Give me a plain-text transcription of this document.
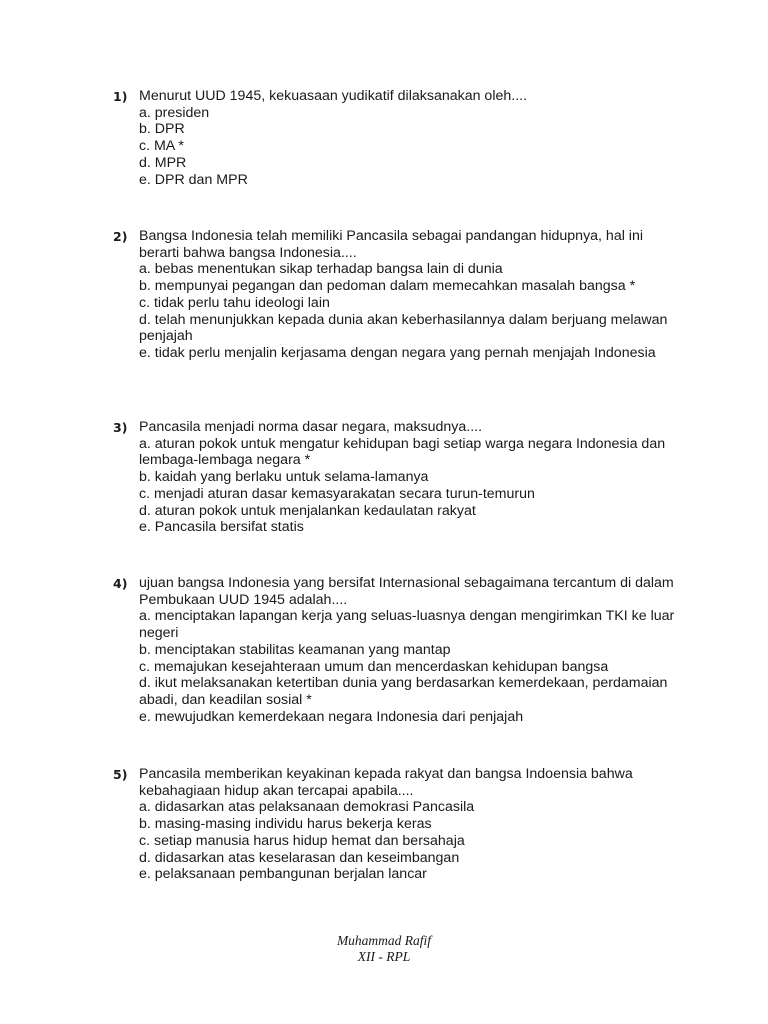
1) Menurut UUD 1945, kekuasaan yudikatif dilaksanakan oleh....
a. presiden
b. DPR
c. MA *
d. MPR
e. DPR dan MPR
2) Bangsa Indonesia telah memiliki Pancasila sebagai pandangan hidupnya, hal ini
berarti bahwa bangsa Indonesia....
a. bebas menentukan sikap terhadap bangsa lain di dunia
b. mempunyai pegangan dan pedoman dalam memecahkan masalah bangsa *
c. tidak perlu tahu ideologi lain
d. telah menunjukkan kepada dunia akan keberhasilannya dalam berjuang melawan
penjajah
e. tidak perlu menjalin kerjasama dengan negara yang pernah menjajah Indonesia
3) Pancasila menjadi norma dasar negara, maksudnya....
a. aturan pokok untuk mengatur kehidupan bagi setiap warga negara Indonesia dan
lembaga-lembaga negara *
b. kaidah yang berlaku untuk selama-lamanya
c. menjadi aturan dasar kemasyarakatan secara turun-temurun
d. aturan pokok untuk menjalankan kedaulatan rakyat
e. Pancasila bersifat statis
4) ujuan bangsa Indonesia yang bersifat Internasional sebagaimana tercantum di dalam
Pembukaan UUD 1945 adalah....
a. menciptakan lapangan kerja yang seluas-luasnya dengan mengirimkan TKI ke luar
negeri
b. menciptakan stabilitas keamanan yang mantap
c. memajukan kesejahteraan umum dan mencerdaskan kehidupan bangsa
d. ikut melaksanakan ketertiban dunia yang berdasarkan kemerdekaan, perdamaian
abadi, dan keadilan sosial *
e. mewujudkan kemerdekaan negara Indonesia dari penjajah
5) Pancasila memberikan keyakinan kepada rakyat dan bangsa Indoensia bahwa
kebahagiaan hidup akan tercapai apabila....
a. didasarkan atas pelaksanaan demokrasi Pancasila
b. masing-masing individu harus bekerja keras
c. setiap manusia harus hidup hemat dan bersahaja
d. didasarkan atas keselarasan dan keseimbangan
e. pelaksanaan pembangunan berjalan lancar
Muhammad Rafif
XII - RPL
